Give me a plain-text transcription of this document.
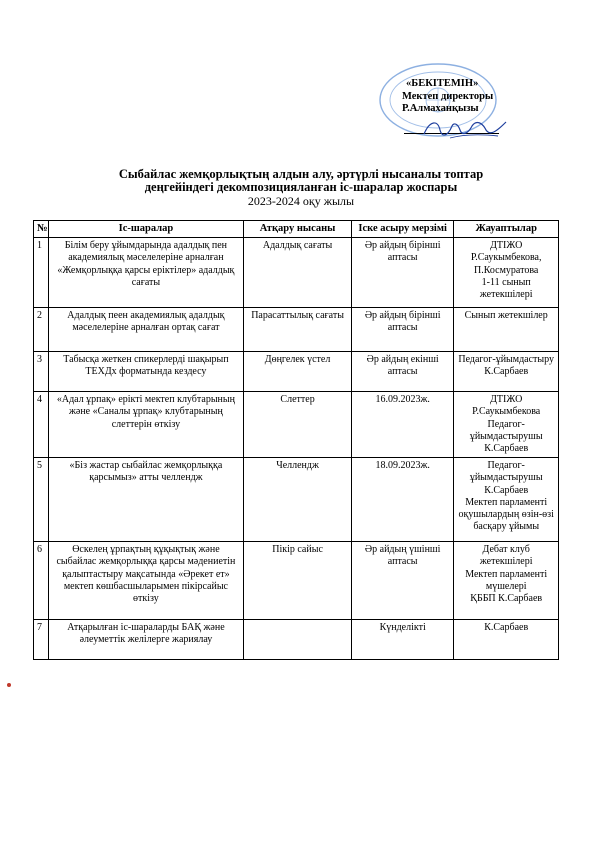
«БЕКІТЕМІН»
Мектеп директоры
Р.Алмаханқызы
Сыбайлас жемқорлықтың алдын алу, әртүрлі нысаналы топтар
деңгейіндегі декомпозицияланған іс-шаралар жоспары
2023-2024 оқу жылы
№	Іс-шаралар	Атқару нысаны	Іске асыру мерзімі	Жауаптылар
1	Білім беру ұйымдарында адалдық пен академиялық мәселелеріне арналған «Жемқорлыққа қарсы еріктілер» адалдық сағаты	Адалдық сағаты	Әр айдың бірінші аптасы	ДТІЖО
Р.Саукымбекова,
П.Космуратова
1-11 сынып жетекшілері

2	Адалдық пеен академиялық адалдық мәселелеріне арналған ортақ сағат	Парасаттылық сағаты	Әр айдың бірінші аптасы	Сынып жетекшілер

3	Табысқа жеткен спикерлерді шақырып ТЕХДх форматында кездесу	Дөңгелек үстел	Әр айдың екінші аптасы	Педагог-ұйымдастыру
К.Сарбаев

4	«Адал ұрпақ» ерікті мектеп клубтарының және «Саналы ұрпақ» клубтарының слеттерін өткізу	Слеттер	16.09.2023ж.	ДТІЖО
Р.Саукымбекова
Педагог-ұйымдастырушы
К.Сарбаев

5	«Біз жастар сыбайлас жемқорлыққа қарсымыз» атты челлендж	Челлендж	18.09.2023ж.	Педагог-ұйымдастырушы
К.Сарбаев
Мектеп парламенті оқушылардың өзін-өзі басқару ұйымы

6	Өскелең ұрпақтың құқықтық және сыбайлас жемқорлыққа қарсы мәдениетін қалыптастыру мақсатында «Әрекет ет» мектеп көшбасшыларымен пікірсайыс өткізу	Пікір сайыс	Әр айдың үшінші аптасы	Дебат клуб жетекшілері
Мектеп парламенті мүшелері
ҚББП К.Сарбаев

7	Атқарылған іс-шараларды БАҚ және әлеуметтік желілерге жариялау		Күнделікті	К.Сарбаев
